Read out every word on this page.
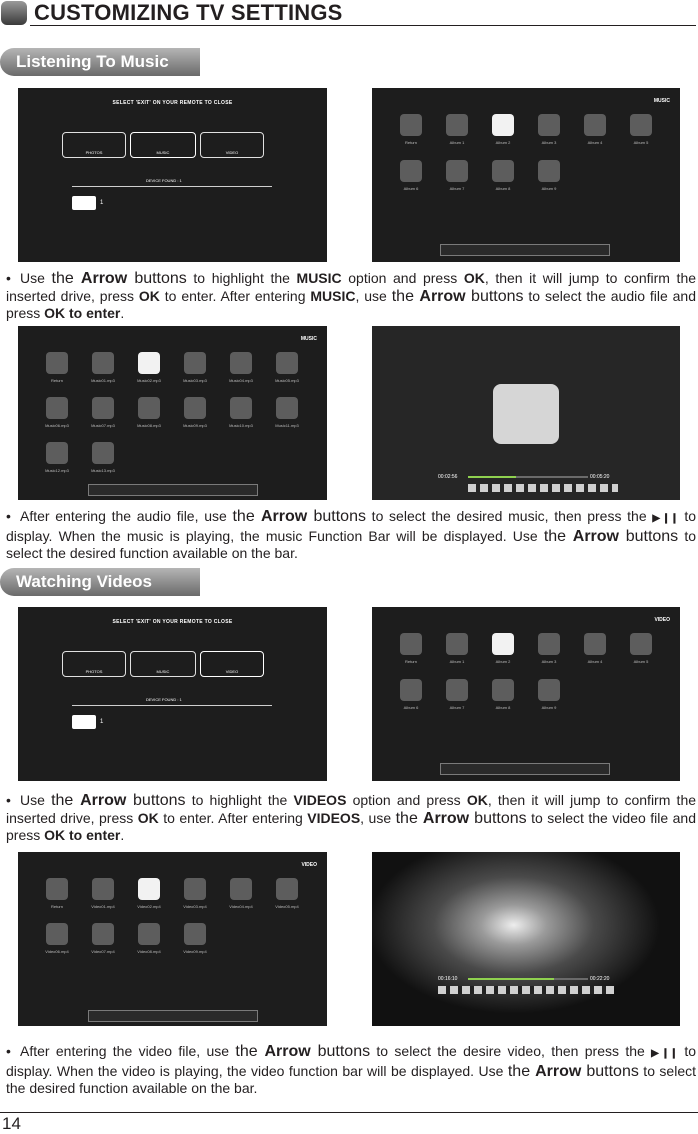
CUSTOMIZING TV SETTINGS
Listening To Music
SELECT 'EXIT' ON YOUR REMOTE TO CLOSE
PHOTOS	MUSIC	VIDEO
DEVICE FOUND : 1
1
MUSIC
Return	Album 1	Album 2	Album 3	Album 4	Album 5
Album 6	Album 7	Album 8	Album 9
• Use the Arrow buttons to highlight the MUSIC option and press OK, then it will jump to confirm the inserted drive, press OK to enter. After entering MUSIC, use the Arrow buttons to select the audio file and press OK to enter.
MUSIC
Return	Music01.mp3	Music02.mp3	Music03.mp3	Music04.mp3	Music05.mp3
Music06.mp3	Music07.mp3	Music08.mp3	Music09.mp3	Music10.mp3	Music11.mp3
Music12.mp3	Music13.mp3
00:02:56	00:05:20
• After entering the audio file, use the Arrow buttons to select the desired music, then press the ▶❙❙ to display. When the music is playing, the music Function Bar will be displayed. Use the Arrow buttons to select the desired function available on the bar.
Watching Videos
SELECT 'EXIT' ON YOUR REMOTE TO CLOSE
PHOTOS	MUSIC	VIDEO
DEVICE FOUND : 1
1
VIDEO
Return	Album 1	Album 2	Album 3	Album 4	Album 5
Album 6	Album 7	Album 8	Album 9
• Use the Arrow buttons to highlight the VIDEOS option and press OK, then it will jump to confirm the inserted drive, press OK to enter. After entering VIDEOS, use the Arrow buttons to select the video file and press OK to enter.
VIDEO
Return	Video01.mp4	Video02.mp4	Video03.mp4	Video04.mp4	Video05.mp4
Video06.mp4	Video07.mp4	Video08.mp4	Video09.mp4
00:16:10	00:22:20
• After entering the video file, use the Arrow buttons to select the desire video, then press the ▶❙❙ to display. When the video is playing, the video function bar will be displayed. Use the Arrow buttons to select the desired function available on the bar.
14
